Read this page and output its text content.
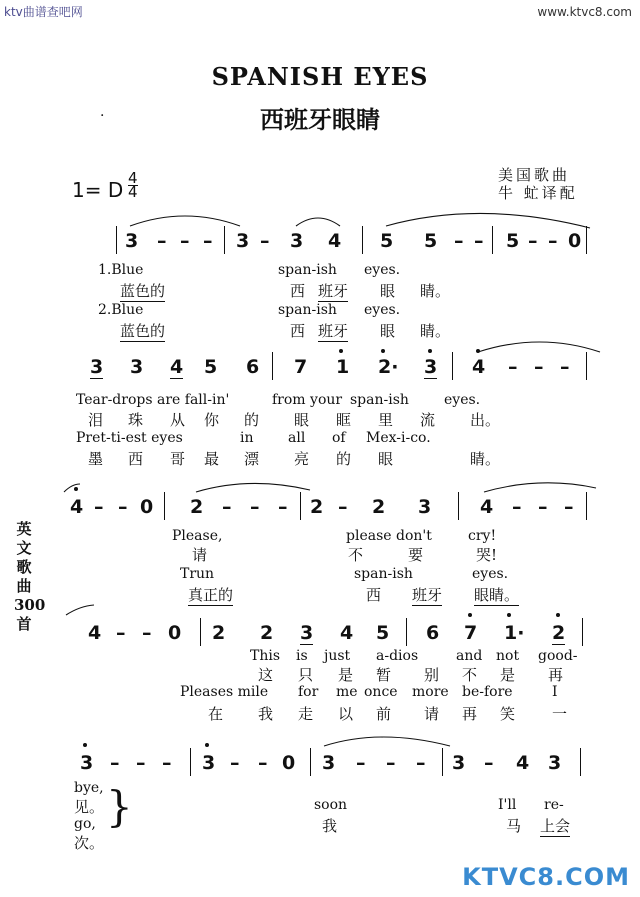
ktv曲谱查吧网	www.ktvc8.com
SPANISH EYES
西班牙眼睛
·
1= D 4
4
美国歌曲
牛 虻译配
英文歌曲300首
3 – – – 3 – 3 4 5 5 – – 5 – – 0
1.Blue	span-ish eyes.
蓝色的	西 班牙 眼 睛。
2.Blue	span-ish eyes.
蓝色的	西 班牙 眼 睛。
3 3 4 5 6 7 1 2· 3 4 – – –
Tear-drops are fall-in'	from your span-ish	eyes.
泪 珠 从 你 的 眼 眶 里 流 出。
Pret-ti-est eyes	in all of Mex-i-co.
墨 西 哥 最 漂 亮 的 眼	睛。
4 – – 0 2 – – – 2 – 2 3	4 – – –
Please,	please don't	cry!
请	不	要	哭!
Trun	span-ish	eyes.
真正的	西 班牙 眼睛。
4 – – 0 2 2 3 4 5 6 7 1· 2
This is just a-dios	and not good-
这 只 是 暂 别 不 是 再
Pleases mile for me once more be-fore	I
在 我 走 以 前 请 再 笑 一
3 – – – 3 – – 0 3 – – – 3 – 4 3
bye,
soon	I'll re-
见。
马 上会
go,	我
次。
}
KTVC8.COM
